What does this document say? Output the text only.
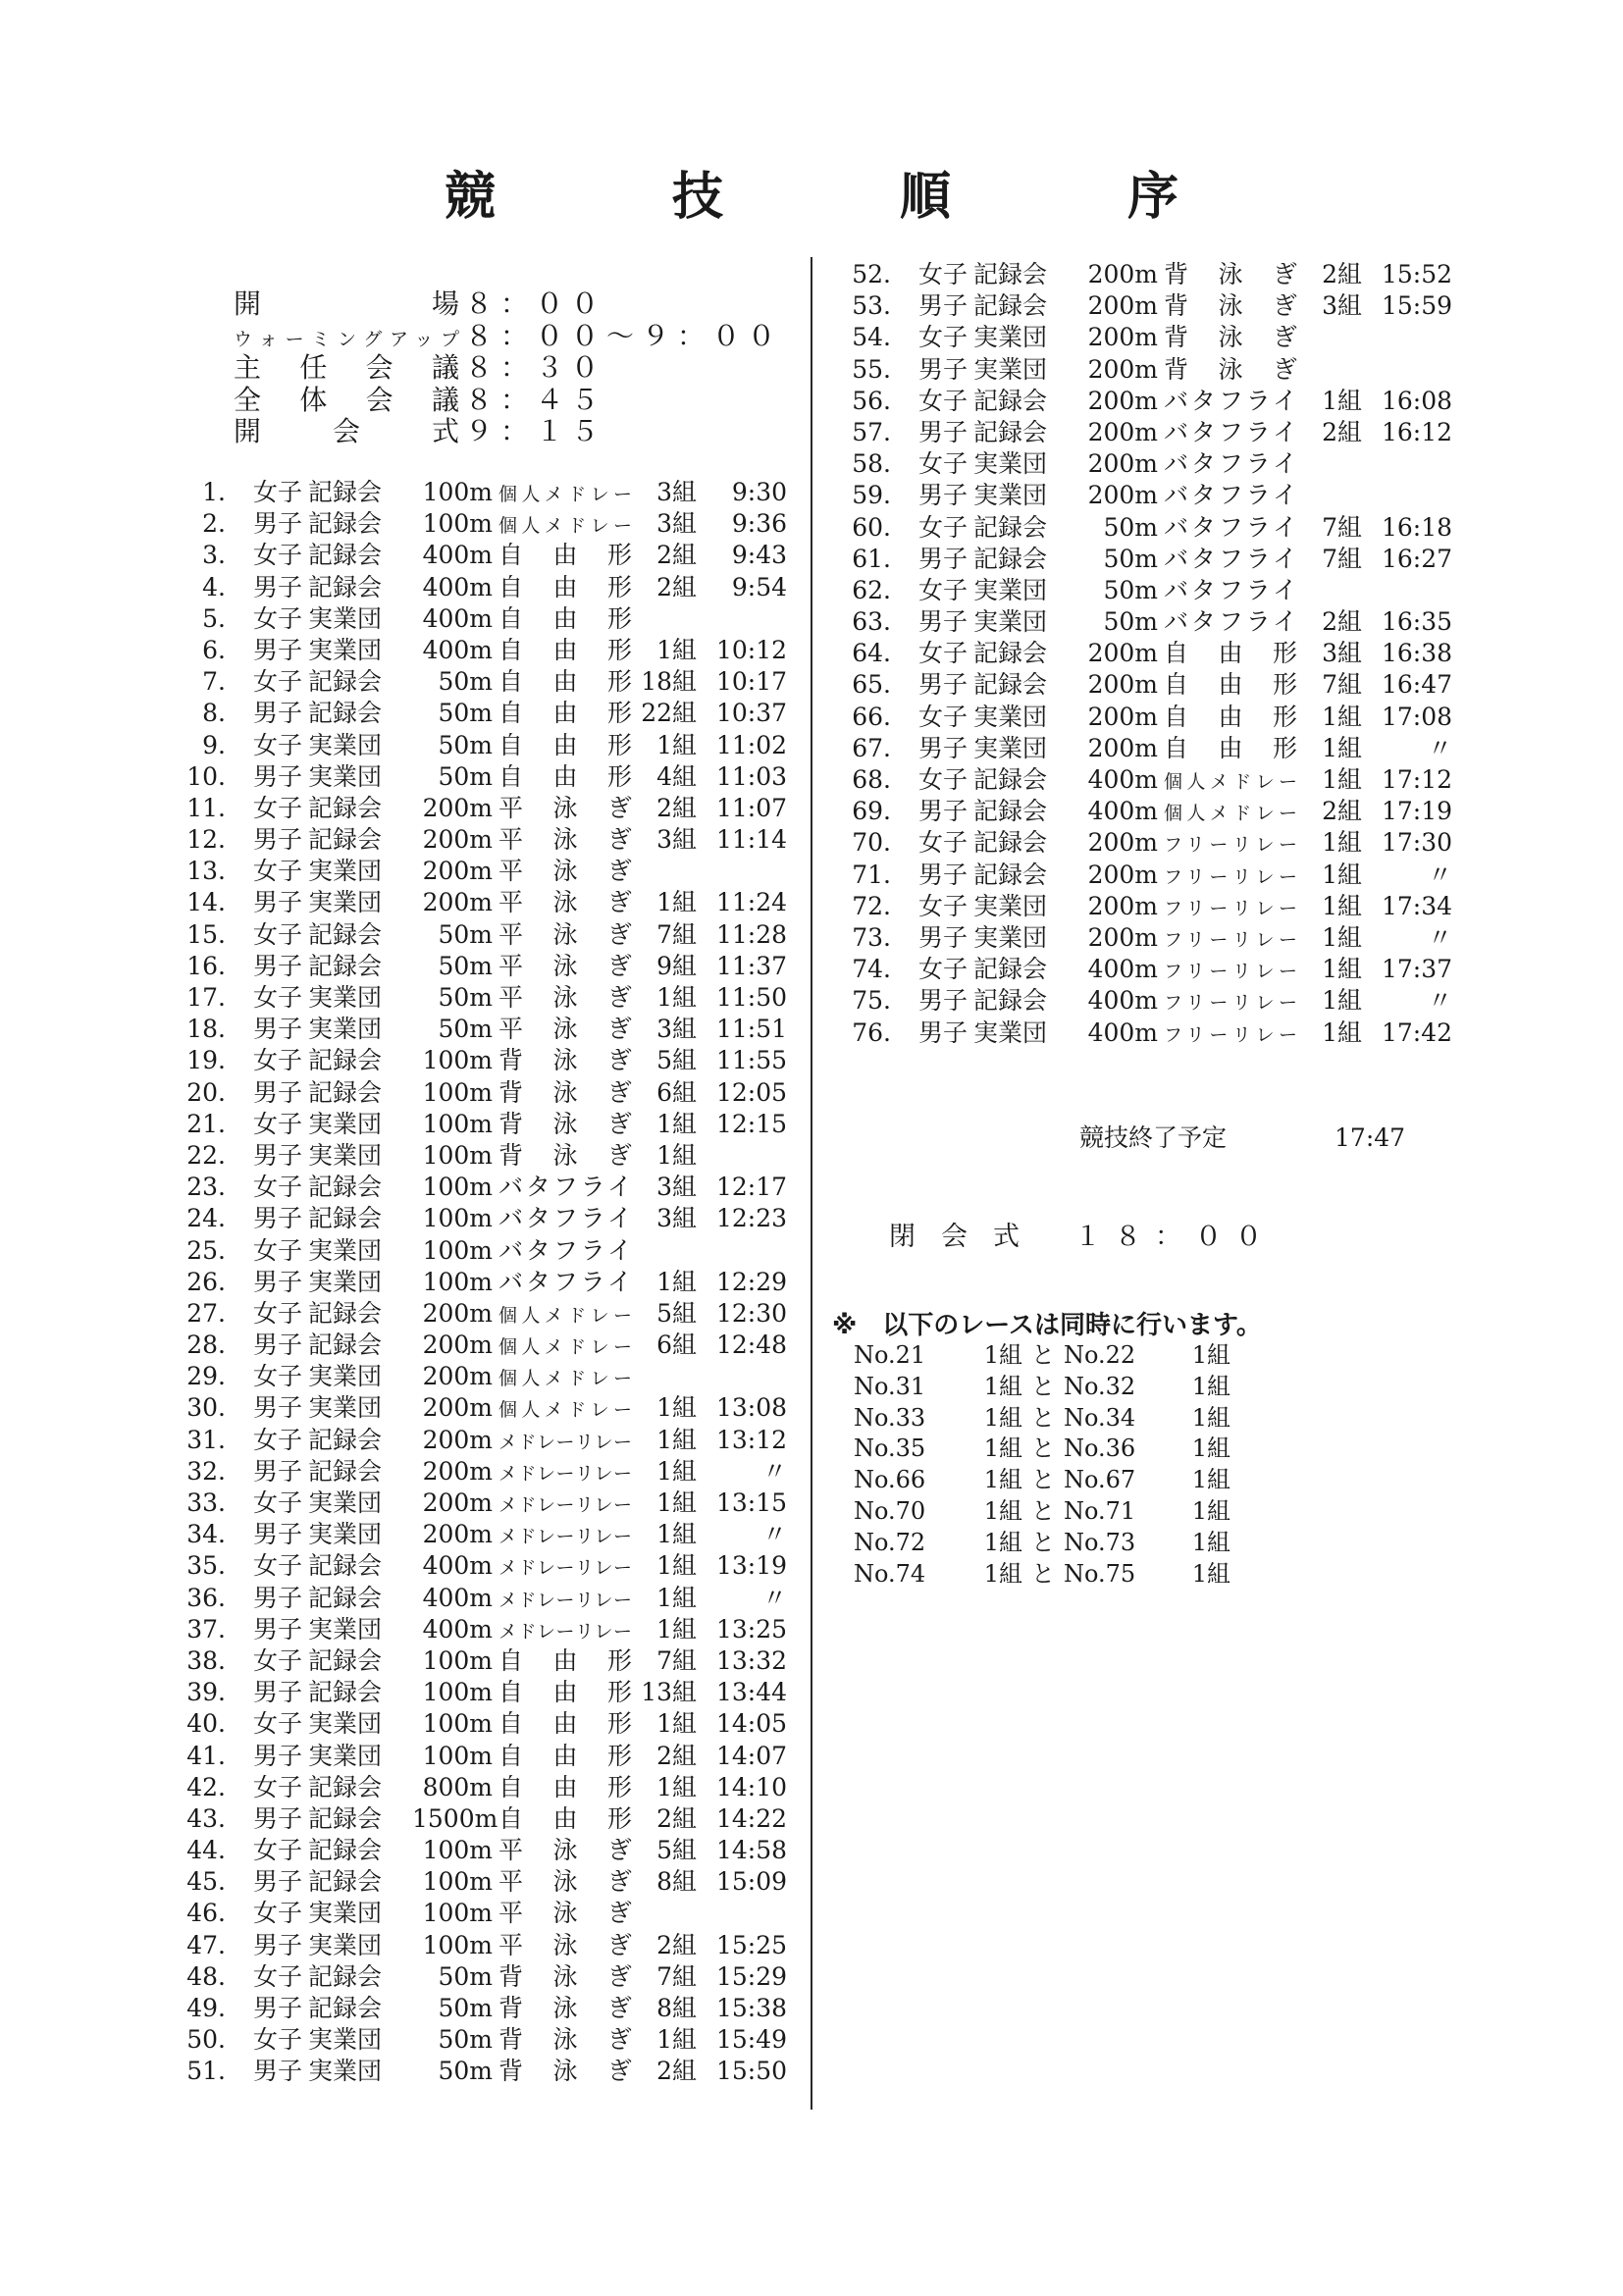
競　技　順　序
開　場 ８：００
ウォーミングアップ ８：００～９：００
主任会議 ８：３０
全体会議 ８：４５
開会式 ９：１５
1. 女子 記録会 100m 個人メドレー 3組 9:30
2. 男子 記録会 100m 個人メドレー 3組 9:36
3. 女子 記録会 400m 自由形 2組 9:43
4. 男子 記録会 400m 自由形 2組 9:54
5. 女子 実業団 400m 自由形
6. 男子 実業団 400m 自由形 1組 10:12
7. 女子 記録会 50m 自由形 18組 10:17
8. 男子 記録会 50m 自由形 22組 10:37
9. 女子 実業団 50m 自由形 1組 11:02
10. 男子 実業団 50m 自由形 4組 11:03
11. 女子 記録会 200m 平泳ぎ 2組 11:07
12. 男子 記録会 200m 平泳ぎ 3組 11:14
13. 女子 実業団 200m 平泳ぎ
14. 男子 実業団 200m 平泳ぎ 1組 11:24
15. 女子 記録会 50m 平泳ぎ 7組 11:28
16. 男子 記録会 50m 平泳ぎ 9組 11:37
17. 女子 実業団 50m 平泳ぎ 1組 11:50
18. 男子 実業団 50m 平泳ぎ 3組 11:51
19. 女子 記録会 100m 背泳ぎ 5組 11:55
20. 男子 記録会 100m 背泳ぎ 6組 12:05
21. 女子 実業団 100m 背泳ぎ 1組 12:15
22. 男子 実業団 100m 背泳ぎ 1組
23. 女子 記録会 100m バタフライ 3組 12:17
24. 男子 記録会 100m バタフライ 3組 12:23
25. 女子 実業団 100m バタフライ
26. 男子 実業団 100m バタフライ 1組 12:29
27. 女子 記録会 200m 個人メドレー 5組 12:30
28. 男子 記録会 200m 個人メドレー 6組 12:48
29. 女子 実業団 200m 個人メドレー
30. 男子 実業団 200m 個人メドレー 1組 13:08
31. 女子 記録会 200m メドレーリレー 1組 13:12
32. 男子 記録会 200m メドレーリレー 1組	〃
33. 女子 実業団 200m メドレーリレー 1組 13:15
34. 男子 実業団 200m メドレーリレー 1組	〃
35. 女子 記録会 400m メドレーリレー 1組 13:19
36. 男子 記録会 400m メドレーリレー 1組	〃
37. 男子 実業団 400m メドレーリレー 1組 13:25
38. 女子 記録会 100m 自由形 7組 13:32
39. 男子 記録会 100m 自由形 13組 13:44
40. 女子 実業団 100m 自由形 1組 14:05
41. 男子 実業団 100m 自由形 2組 14:07
42. 女子 記録会 800m 自由形 1組 14:10
43. 男子 記録会 1500m自由形 2組 14:22
44. 女子 記録会 100m 平泳ぎ 5組 14:58
45. 男子 記録会 100m 平泳ぎ 8組 15:09
46. 女子 実業団 100m 平泳ぎ
47. 男子 実業団 100m 平泳ぎ 2組 15:25
48. 女子 記録会 50m 背泳ぎ 7組 15:29
49. 男子 記録会 50m 背泳ぎ 8組 15:38
50. 女子 実業団 50m 背泳ぎ 1組 15:49
51. 男子 実業団 50m 背泳ぎ 2組 15:50
52. 女子 記録会 200m 背泳ぎ 2組 15:52
53. 男子 記録会 200m 背泳ぎ 3組 15:59
54. 女子 実業団 200m 背泳ぎ
55. 男子 実業団 200m 背泳ぎ
56. 女子 記録会 200m バタフライ 1組 16:08
57. 男子 記録会 200m バタフライ 2組 16:12
58. 女子 実業団 200m バタフライ
59. 男子 実業団 200m バタフライ
60. 女子 記録会 50m バタフライ 7組 16:18
61. 男子 記録会 50m バタフライ 7組 16:27
62. 女子 実業団 50m バタフライ
63. 男子 実業団 50m バタフライ 2組 16:35
64. 女子 記録会 200m 自由形 3組 16:38
65. 男子 記録会 200m 自由形 7組 16:47
66. 女子 実業団 200m 自由形 1組 17:08
67. 男子 実業団 200m 自由形 1組	〃
68. 女子 記録会 400m 個人メドレー 1組 17:12
69. 男子 記録会 400m 個人メドレー 2組 17:19
70. 女子 記録会 200m フリーリレー 1組 17:30
71. 男子 記録会 200m フリーリレー 1組	〃
72. 女子 実業団 200m フリーリレー 1組 17:34
73. 男子 実業団 200m フリーリレー 1組	〃
74. 女子 記録会 400m フリーリレー 1組 17:37
75. 男子 記録会 400m フリーリレー 1組	〃
76. 男子 実業団 400m フリーリレー 1組 17:42
競技終了予定	17:47
閉会式 １８：００
※　以下のレースは同時に行います。
No.21 1組 と No.22 1組
No.31 1組 と No.32 1組
No.33 1組 と No.34 1組
No.35 1組 と No.36 1組
No.66 1組 と No.67 1組
No.70 1組 と No.71 1組
No.72 1組 と No.73 1組
No.74 1組 と No.75 1組
